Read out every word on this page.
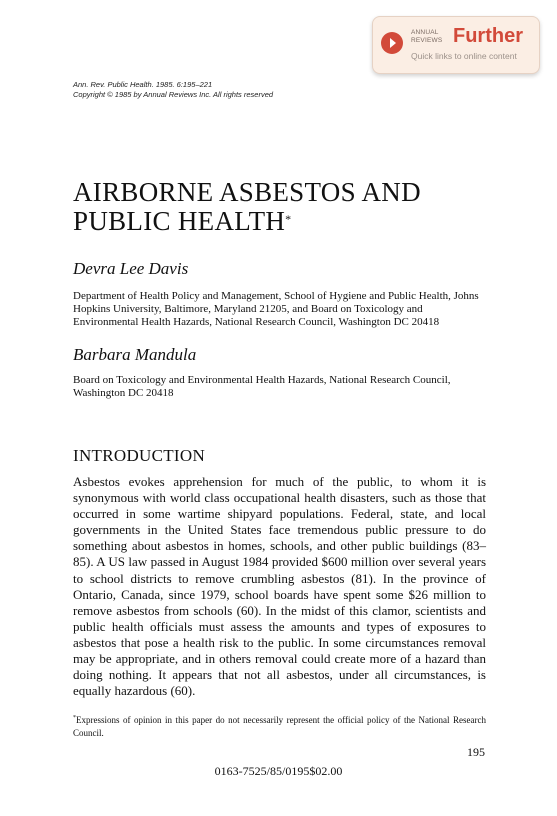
ANNUAL REVIEWS Further
Quick links to online content
Ann. Rev. Public Health. 1985. 6:195–221
Copyright © 1985 by Annual Reviews Inc. All rights reserved
AIRBORNE ASBESTOS AND
PUBLIC HEALTH*
Devra Lee Davis
Department of Health Policy and Management, School of Hygiene and Public Health, Johns Hopkins University, Baltimore, Maryland 21205, and Board on Toxicology and Environmental Health Hazards, National Research Council, Washington DC 20418
Barbara Mandula
Board on Toxicology and Environmental Health Hazards, National Research Council, Washington DC 20418
INTRODUCTION
Asbestos evokes apprehension for much of the public, to whom it is synonymous with world class occupational health disasters, such as those that occurred in some wartime shipyard populations. Federal, state, and local governments in the United States face tremendous public pressure to do something about asbestos in homes, schools, and other public buildings (83–85). A US law passed in August 1984 provided $600 million over several years to school districts to remove crumbling asbestos (81). In the province of Ontario, Canada, since 1979, school boards have spent some $26 million to remove asbestos from schools (60). In the midst of this clamor, scientists and public health officials must assess the amounts and types of exposures to asbestos that pose a health risk to the public. In some circumstances removal may be appropriate, and in others removal could create more of a hazard than doing nothing. It appears that not all asbestos, under all circumstances, is equally hazardous (60).
*Expressions of opinion in this paper do not necessarily represent the official policy of the National Research Council.
195
0163-7525/85/0195$02.00
